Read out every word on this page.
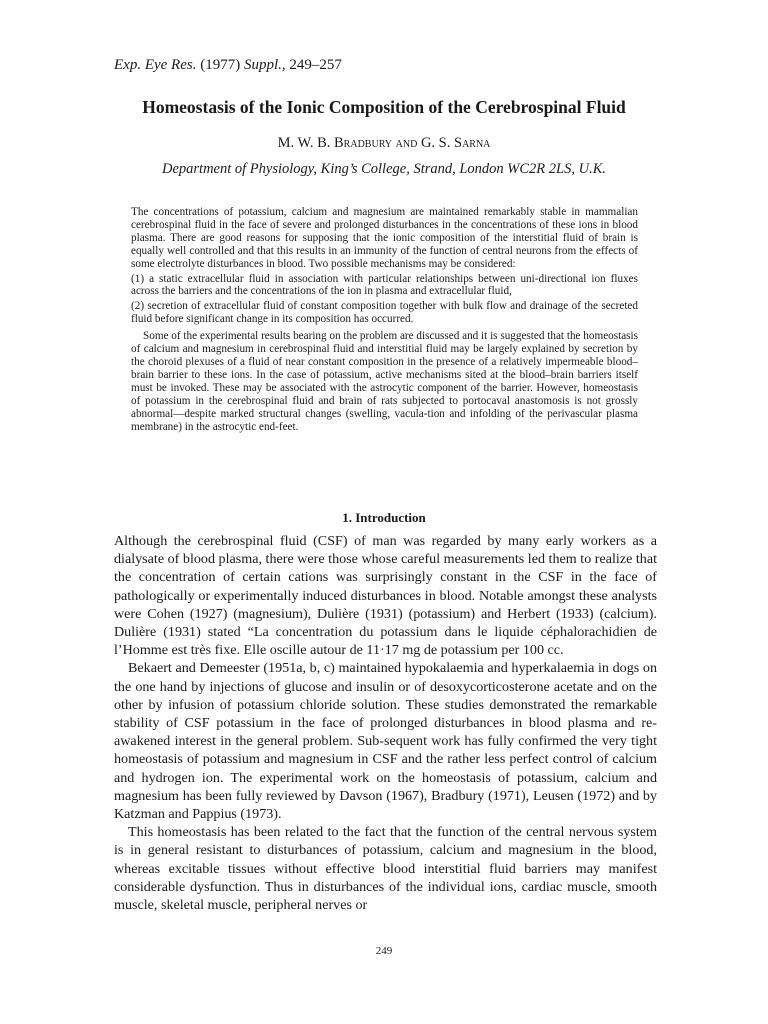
Exp. Eye Res. (1977) Suppl., 249–257
Homeostasis of the Ionic Composition of the Cerebrospinal Fluid
M. W. B. Bradbury and G. S. Sarna
Department of Physiology, King’s College, Strand, London WC2R 2LS, U.K.

The concentrations of potassium, calcium and magnesium are maintained remarkably stable in mammalian cerebrospinal fluid in the face of severe and prolonged disturbances in the concentrations of these ions in blood plasma. There are good reasons for supposing that the ionic composition of the interstitial fluid of brain is equally well controlled and that this results in an immunity of the function of central neurons from the effects of some electrolyte disturbances in blood. Two possible mechanisms may be considered:

(1) a static extracellular fluid in association with particular relationships between uni-directional ion fluxes across the barriers and the concentrations of the ion in plasma and extracellular fluid,

(2) secretion of extracellular fluid of constant composition together with bulk flow and drainage of the secreted fluid before significant change in its composition has occurred.

Some of the experimental results bearing on the problem are discussed and it is suggested that the homeostasis of calcium and magnesium in cerebrospinal fluid and interstitial fluid may be largely explained by secretion by the choroid plexuses of a fluid of near constant composition in the presence of a relatively impermeable blood–brain barrier to these ions. In the case of potassium, active mechanisms sited at the blood–brain barriers itself must be invoked. These may be associated with the astrocytic component of the barrier. However, homeostasis of potassium in the cerebrospinal fluid and brain of rats subjected to portocaval anastomosis is not grossly abnormal—despite marked structural changes (swelling, vacula-tion and infolding of the perivascular plasma membrane) in the astrocytic end-feet.

1. Introduction

Although the cerebrospinal fluid (CSF) of man was regarded by many early workers as a dialysate of blood plasma, there were those whose careful measurements led them to realize that the concentration of certain cations was surprisingly constant in the CSF in the face of pathologically or experimentally induced disturbances in blood. Notable amongst these analysts were Cohen (1927) (magnesium), Dulière (1931) (potassium) and Herbert (1933) (calcium). Dulière (1931) stated “La concentration du potassium dans le liquide céphalorachidien de l’Homme est très fixe. Elle oscille autour de 11·17 mg de potassium per 100 cc.

Bekaert and Demeester (1951a, b, c) maintained hypokalaemia and hyperkalaemia in dogs on the one hand by injections of glucose and insulin or of desoxycorticosterone acetate and on the other by infusion of potassium chloride solution. These studies demonstrated the remarkable stability of CSF potassium in the face of prolonged disturbances in blood plasma and re-awakened interest in the general problem. Sub-sequent work has fully confirmed the very tight homeostasis of potassium and magnesium in CSF and the rather less perfect control of calcium and hydrogen ion. The experimental work on the homeostasis of potassium, calcium and magnesium has been fully reviewed by Davson (1967), Bradbury (1971), Leusen (1972) and by Katzman and Pappius (1973).

This homeostasis has been related to the fact that the function of the central nervous system is in general resistant to disturbances of potassium, calcium and magnesium in the blood, whereas excitable tissues without effective blood interstitial fluid barriers may manifest considerable dysfunction. Thus in disturbances of the individual ions, cardiac muscle, smooth muscle, skeletal muscle, peripheral nerves or

249
